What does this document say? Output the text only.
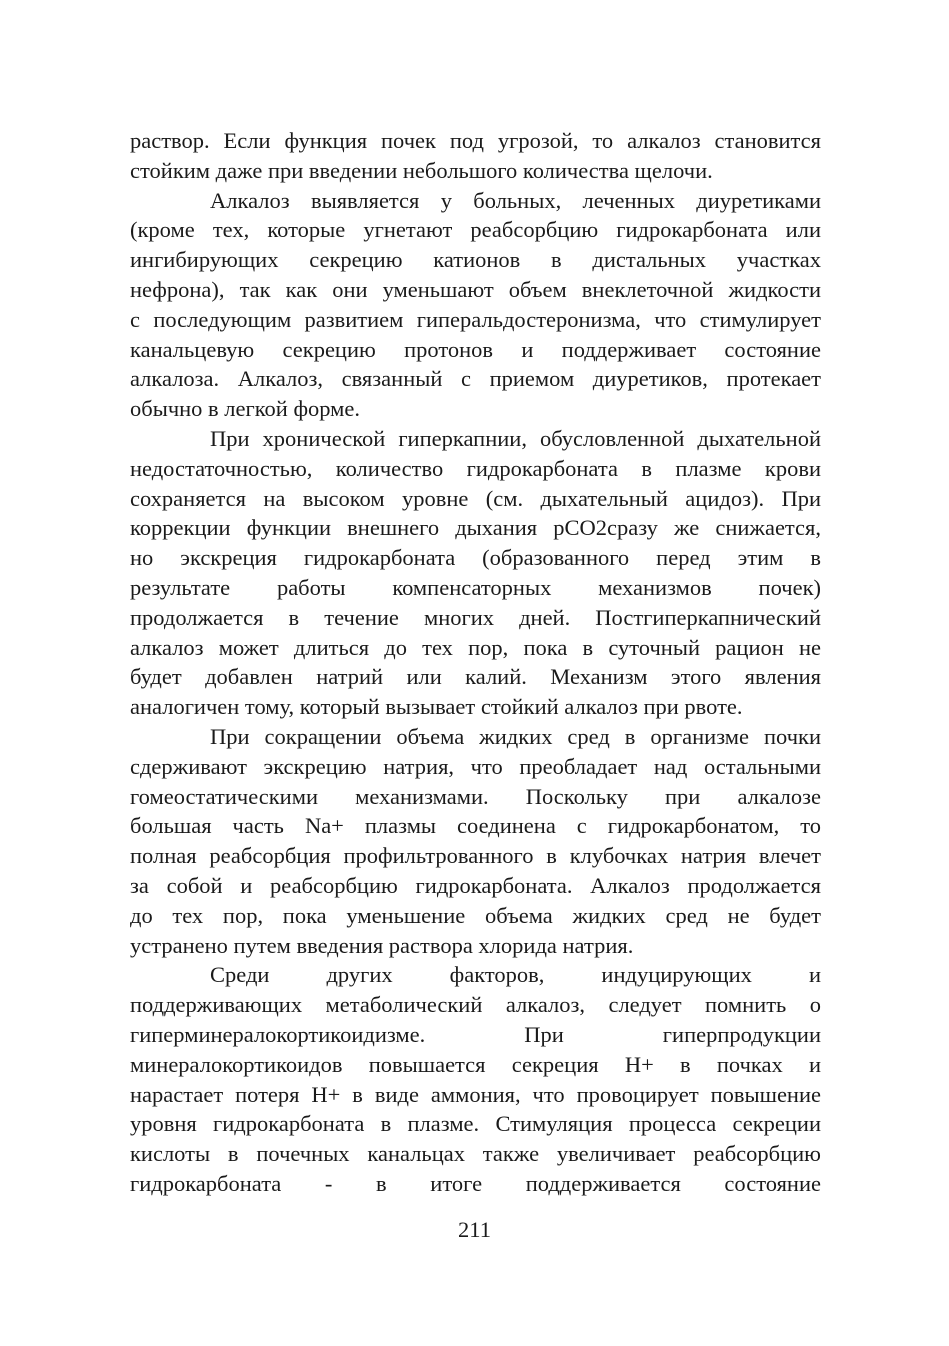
раствор. Если функция почек под угрозой, то алкалоз становится
стойким даже при введении небольшого количества щелочи.
Алкалоз выявляется у больных, леченных диуретиками
(кроме тех, которые угнетают реабсорбцию гидрокарбоната или
ингибирующих секрецию катионов в дистальных участках
нефрона), так как они уменьшают объем внеклеточной жидкости
с последующим развитием гиперальдостеронизма, что стимулирует
канальцевую секрецию протонов и поддерживает состояние
алкалоза. Алкалоз, связанный с приемом диуретиков, протекает
обычно в легкой форме.
При хронической гиперкапнии, обусловленной дыхательной
недостаточностью, количество гидрокарбоната в плазме крови
сохраняется на высоком уровне (см. дыхательный ацидоз). При
коррекции функции внешнего дыхания pCO2сразу же снижается,
но экскреция гидрокарбоната (образованного перед этим в
результате работы компенсаторных механизмов почек)
продолжается в течение многих дней. Постгиперкапнический
алкалоз может длиться до тех пор, пока в суточный рацион не
будет добавлен натрий или калий. Механизм этого явления
аналогичен тому, который вызывает стойкий алкалоз при рвоте.
При сокращении объема жидких сред в организме почки
сдерживают экскрецию натрия, что преобладает над остальными
гомеостатическими механизмами. Поскольку при алкалозе
большая часть Na+ плазмы соединена с гидрокарбонатом, то
полная реабсорбция профильтрованного в клубочках натрия влечет
за собой и реабсорбцию гидрокарбоната. Алкалоз продолжается
до тех пор, пока уменьшение объема жидких сред не будет
устранено путем введения раствора хлорида натрия.
Среди других факторов, индуцирующих и
поддерживающих метаболический алкалоз, следует помнить о
гиперминералокортикоидизме. При гиперпродукции
минералокортикоидов повышается секреция H+ в почках и
нарастает потеря H+ в виде аммония, что провоцирует повышение
уровня гидрокарбоната в плазме. Стимуляция процесса секреции
кислоты в почечных канальцах также увеличивает реабсорбцию
гидрокарбоната - в итоге поддерживается состояние
211
